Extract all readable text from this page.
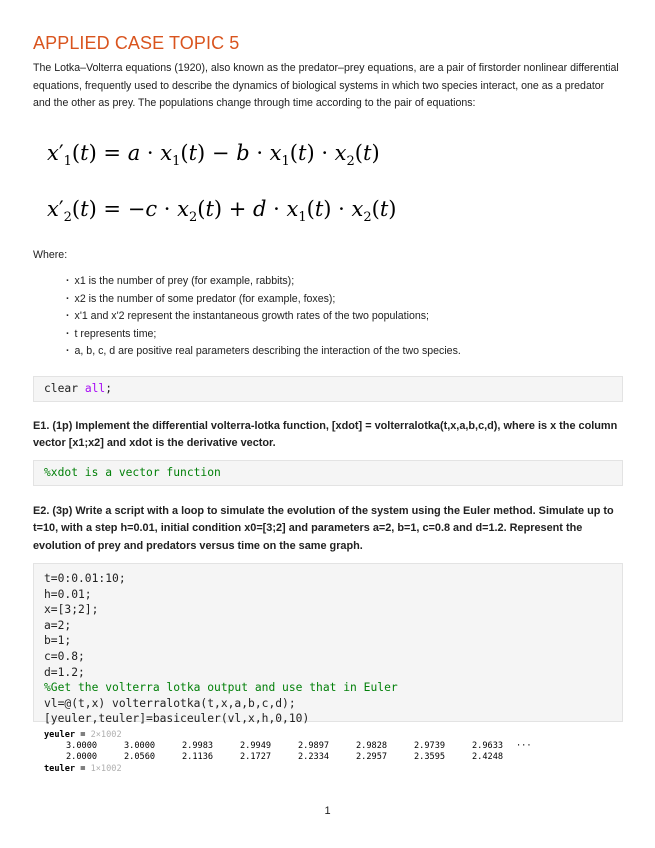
APPLIED CASE TOPIC 5
The Lotka–Volterra equations (1920), also known as the predator–prey equations, are a pair of firstorder nonlinear differential equations, frequently used to describe the dynamics of biological systems in which two species interact, one as a predator and the other as prey. The populations change through time according to the pair of equations:
$x'_1(t) = a \cdot x_1(t) - b \cdot x_1(t) \cdot x_2(t)$
$x'_2(t) = -c \cdot x_2(t) + d \cdot x_1(t) \cdot x_2(t)$
Where:
· x1 is the number of prey (for example, rabbits);
· x2 is the number of some predator (for example, foxes);
· x'1 and x'2 represent the instantaneous growth rates of the two populations;
· t represents time;
· a, b, c, d are positive real parameters describing the interaction of the two species.
clear all;
E1. (1p) Implement the differential volterra-lotka function, [xdot] = volterralotka(t,x,a,b,c,d), where is x the column vector [x1;x2] and xdot is the derivative vector.
%xdot is a vector function
E2. (3p) Write a script with a loop to simulate the evolution of the system using the Euler method. Simulate up to t=10, with a step h=0.01, initial condition x0=[3;2] and parameters a=2, b=1, c=0.8 and d=1.2. Represent the evolution of prey and predators versus time on the same graph.
t=0:0.01:10;
h=0.01;
x=[3;2];
a=2;
b=1;
c=0.8;
d=1.2;
%Get the volterra lotka output and use that in Euler
vl=@(t,x) volterralotka(t,x,a,b,c,d);
[yeuler,teuler]=basiceuler(vl,x,h,0,10)
yeuler = 2×1002
3.0000	3.0000	2.9983	2.9949	2.9897	2.9828	2.9739	2.9633 ···
2.0000	2.0560	2.1136	2.1727	2.2334	2.2957	2.3595	2.4248
teuler = 1×1002
1
